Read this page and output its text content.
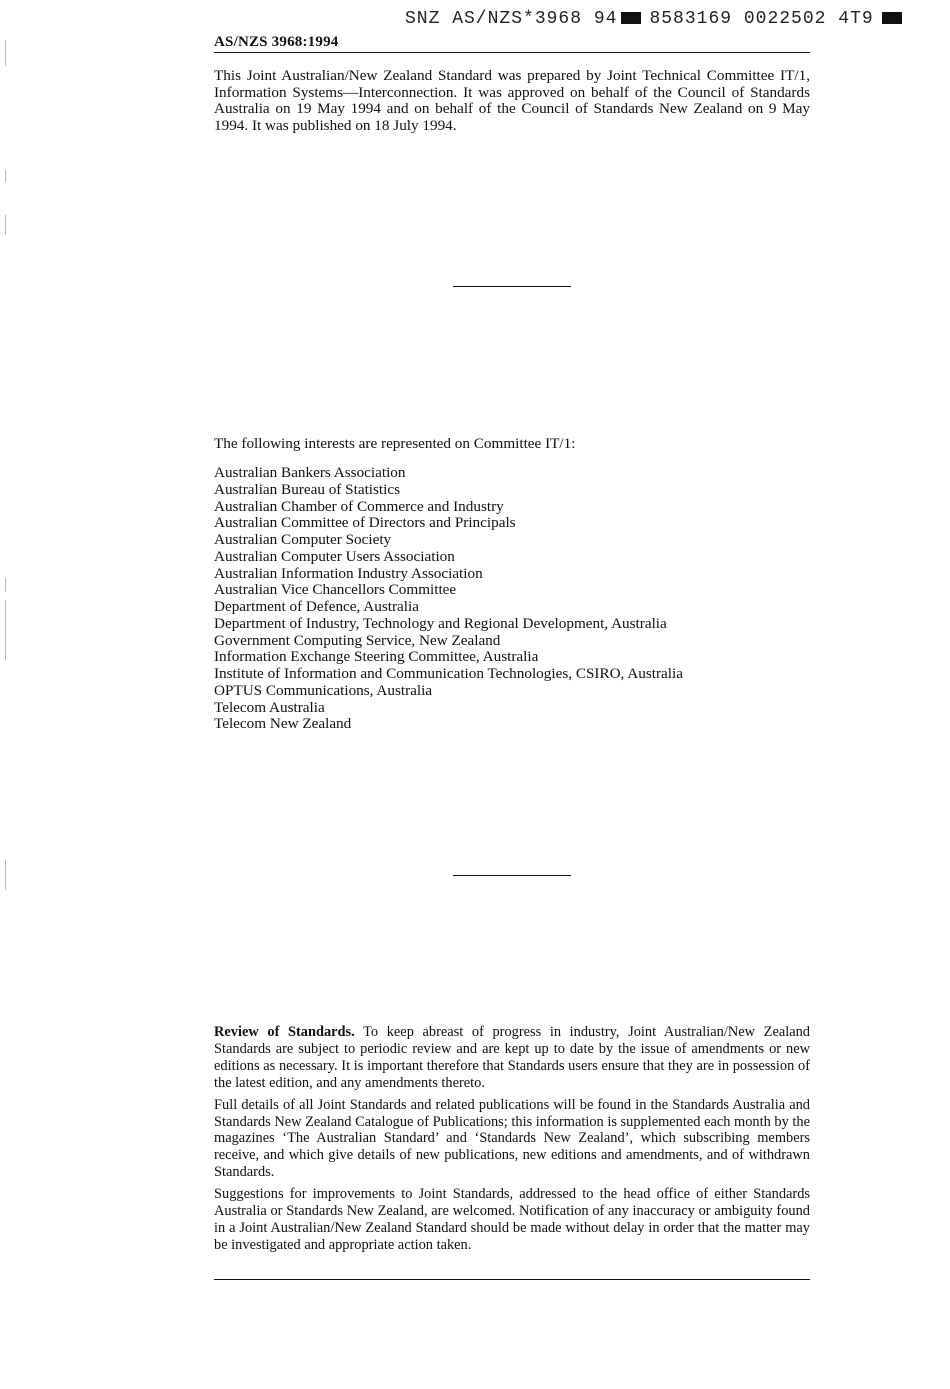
SNZ AS/NZS*3968 94 8583169 0022502 4T9
AS/NZS 3968:1994
This Joint Australian/New Zealand Standard was prepared by Joint Technical Committee IT/1, Information Systems—Interconnection. It was approved on behalf of the Council of Standards Australia on 19 May 1994 and on behalf of the Council of Standards New Zealand on 9 May 1994. It was published on 18 July 1994.
The following interests are represented on Committee IT/1:
Australian Bankers Association
Australian Bureau of Statistics
Australian Chamber of Commerce and Industry
Australian Committee of Directors and Principals
Australian Computer Society
Australian Computer Users Association
Australian Information Industry Association
Australian Vice Chancellors Committee
Department of Defence, Australia
Department of Industry, Technology and Regional Development, Australia
Government Computing Service, New Zealand
Information Exchange Steering Committee, Australia
Institute of Information and Communication Technologies, CSIRO, Australia
OPTUS Communications, Australia
Telecom Australia
Telecom New Zealand

Review of Standards. To keep abreast of progress in industry, Joint Australian/New Zealand Standards are subject to periodic review and are kept up to date by the issue of amendments or new editions as necessary. It is important therefore that Standards users ensure that they are in possession of the latest edition, and any amendments thereto.

Full details of all Joint Standards and related publications will be found in the Standards Australia and Standards New Zealand Catalogue of Publications; this information is supplemented each month by the magazines ‘The Australian Standard’ and ‘Standards New Zealand’, which subscribing members receive, and which give details of new publications, new editions and amendments, and of withdrawn Standards.

Suggestions for improvements to Joint Standards, addressed to the head office of either Standards Australia or Standards New Zealand, are welcomed. Notification of any inaccuracy or ambiguity found in a Joint Australian/New Zealand Standard should be made without delay in order that the matter may be investigated and appropriate action taken.
